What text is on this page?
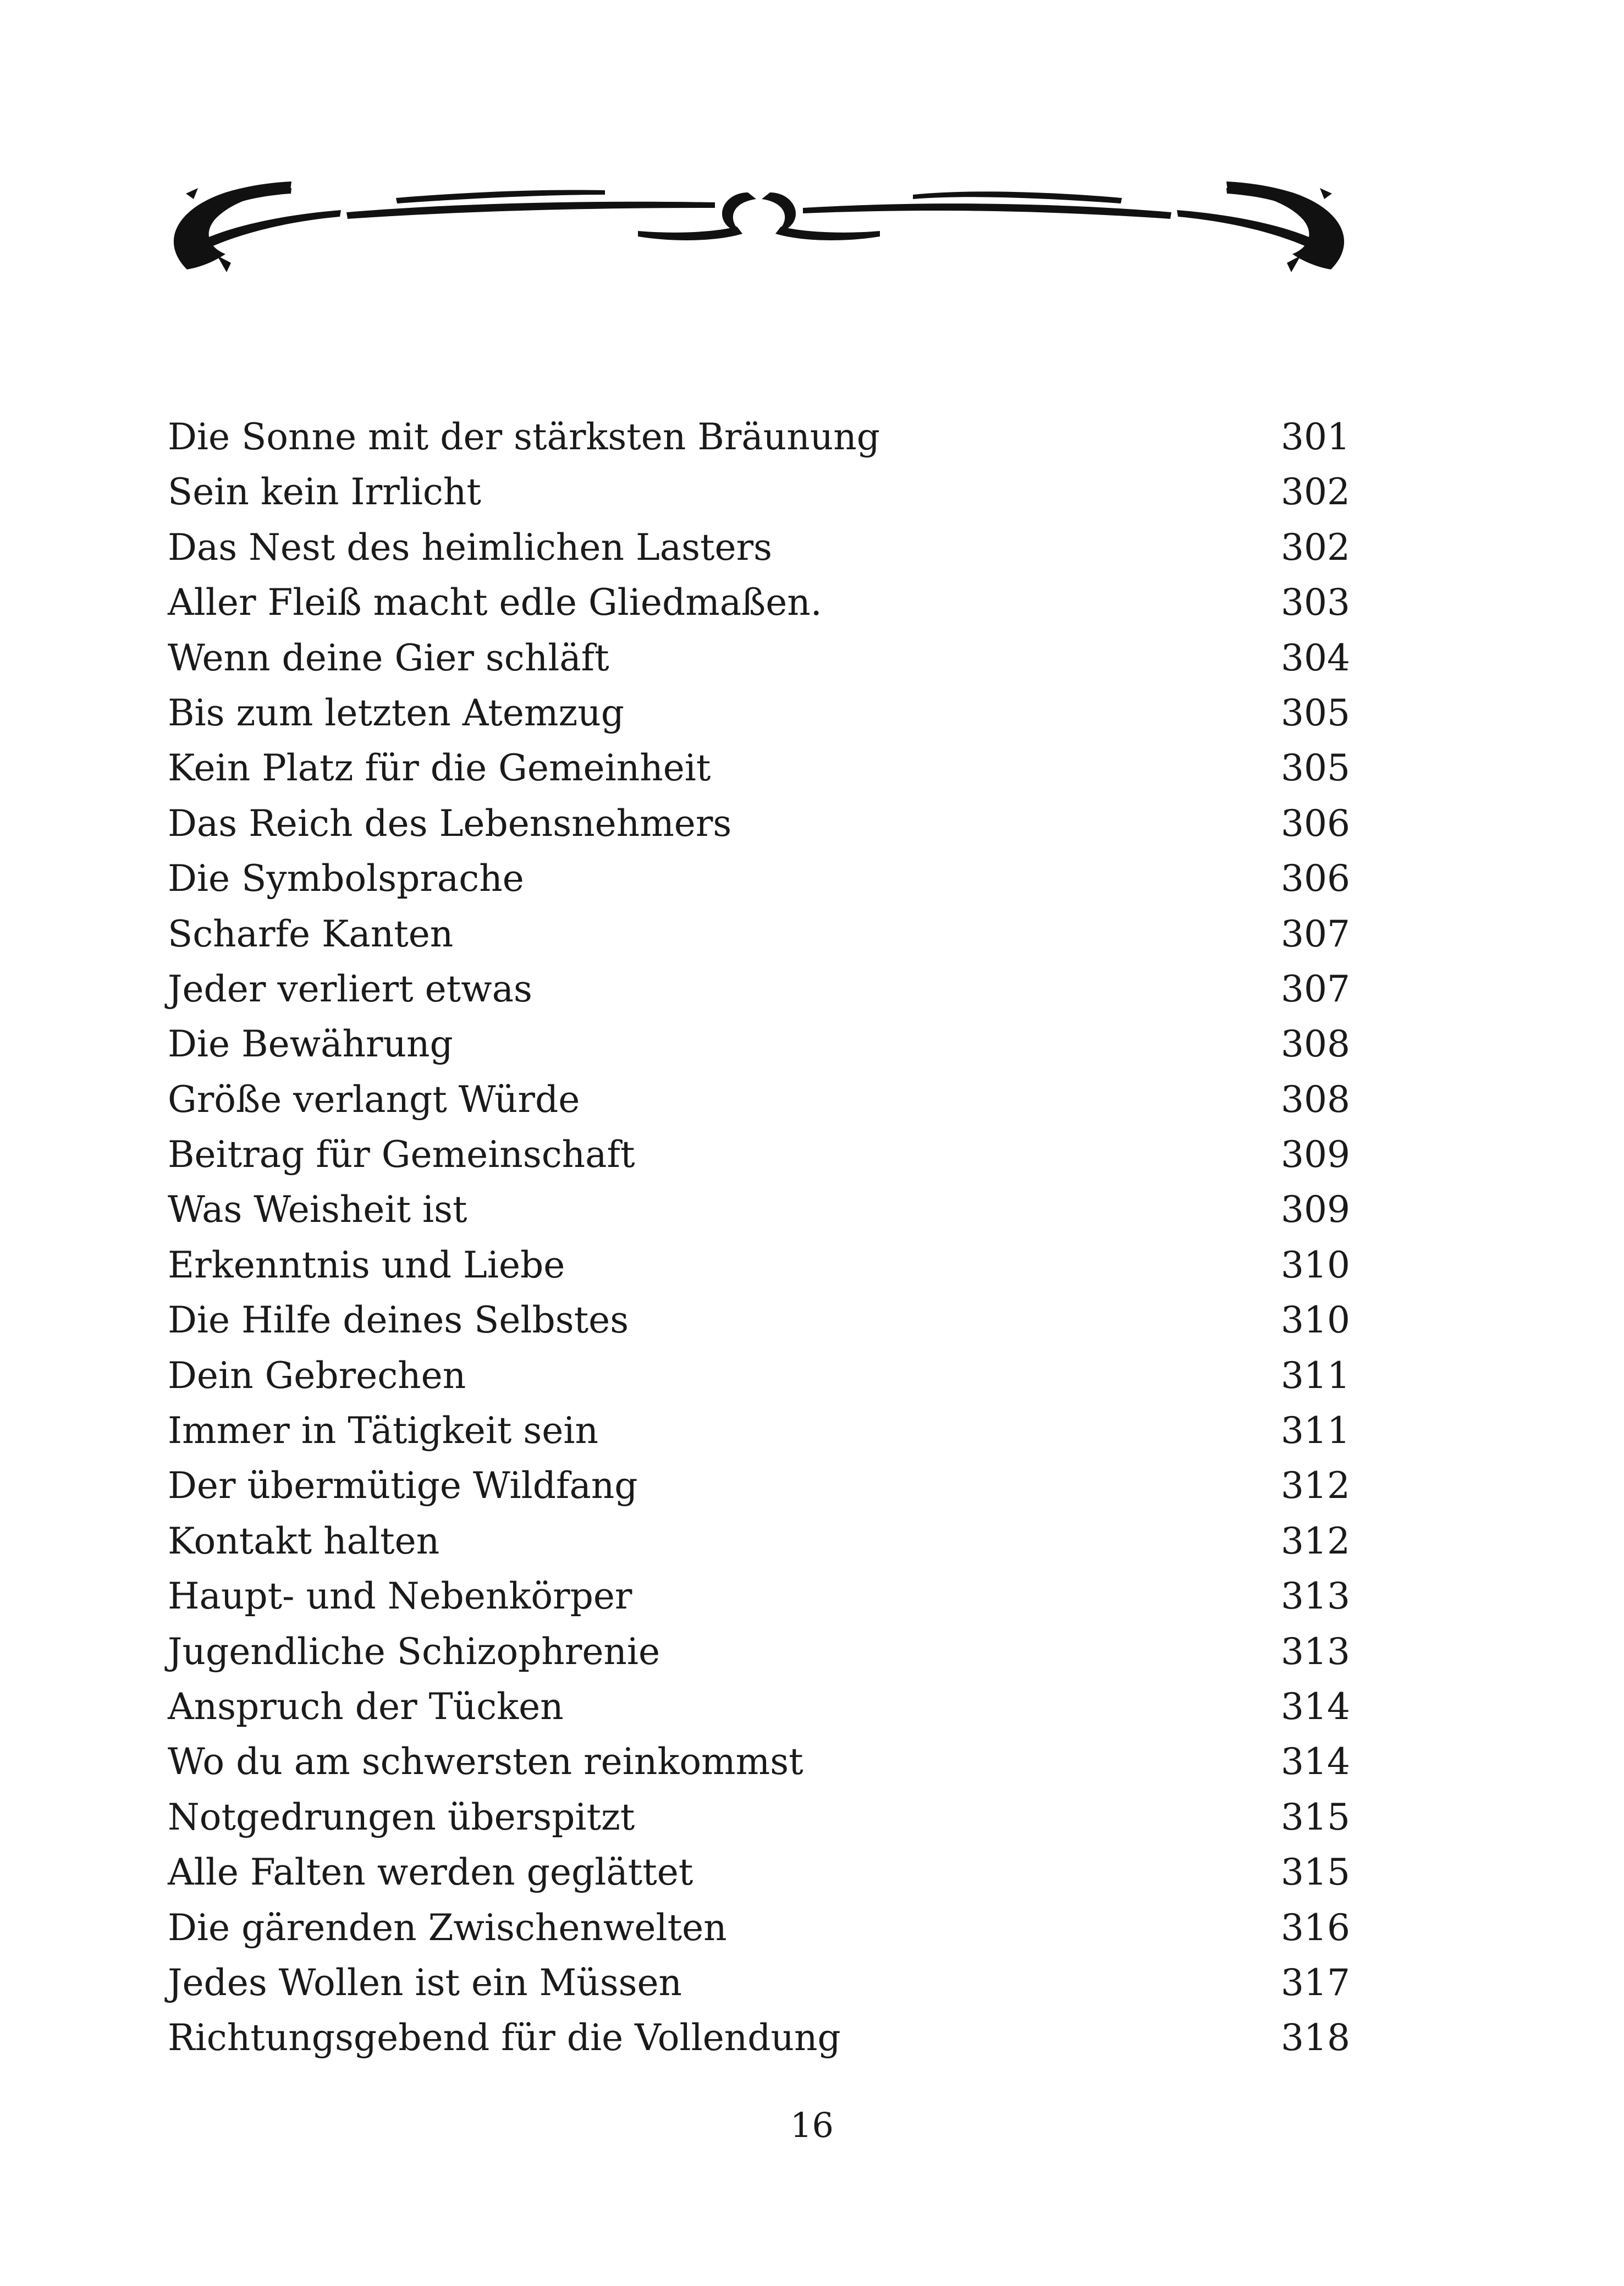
Die Sonne mit der stärksten Bräunung	301
Sein kein Irrlicht	302
Das Nest des heimlichen Lasters	302
Aller Fleiß macht edle Gliedmaßen.	303
Wenn deine Gier schläft	304
Bis zum letzten Atemzug	305
Kein Platz für die Gemeinheit	305
Das Reich des Lebensnehmers	306
Die Symbolsprache	306
Scharfe Kanten	307
Jeder verliert etwas	307
Die Bewährung	308
Größe verlangt Würde	308
Beitrag für Gemeinschaft	309
Was Weisheit ist	309
Erkenntnis und Liebe	310
Die Hilfe deines Selbstes	310
Dein Gebrechen	311
Immer in Tätigkeit sein	311
Der übermütige Wildfang	312
Kontakt halten	312
Haupt- und Nebenkörper	313
Jugendliche Schizophrenie	313
Anspruch der Tücken	314
Wo du am schwersten reinkommst	314
Notgedrungen überspitzt	315
Alle Falten werden geglättet	315
Die gärenden Zwischenwelten	316
Jedes Wollen ist ein Müssen	317
Richtungsgebend für die Vollendung	318
16
